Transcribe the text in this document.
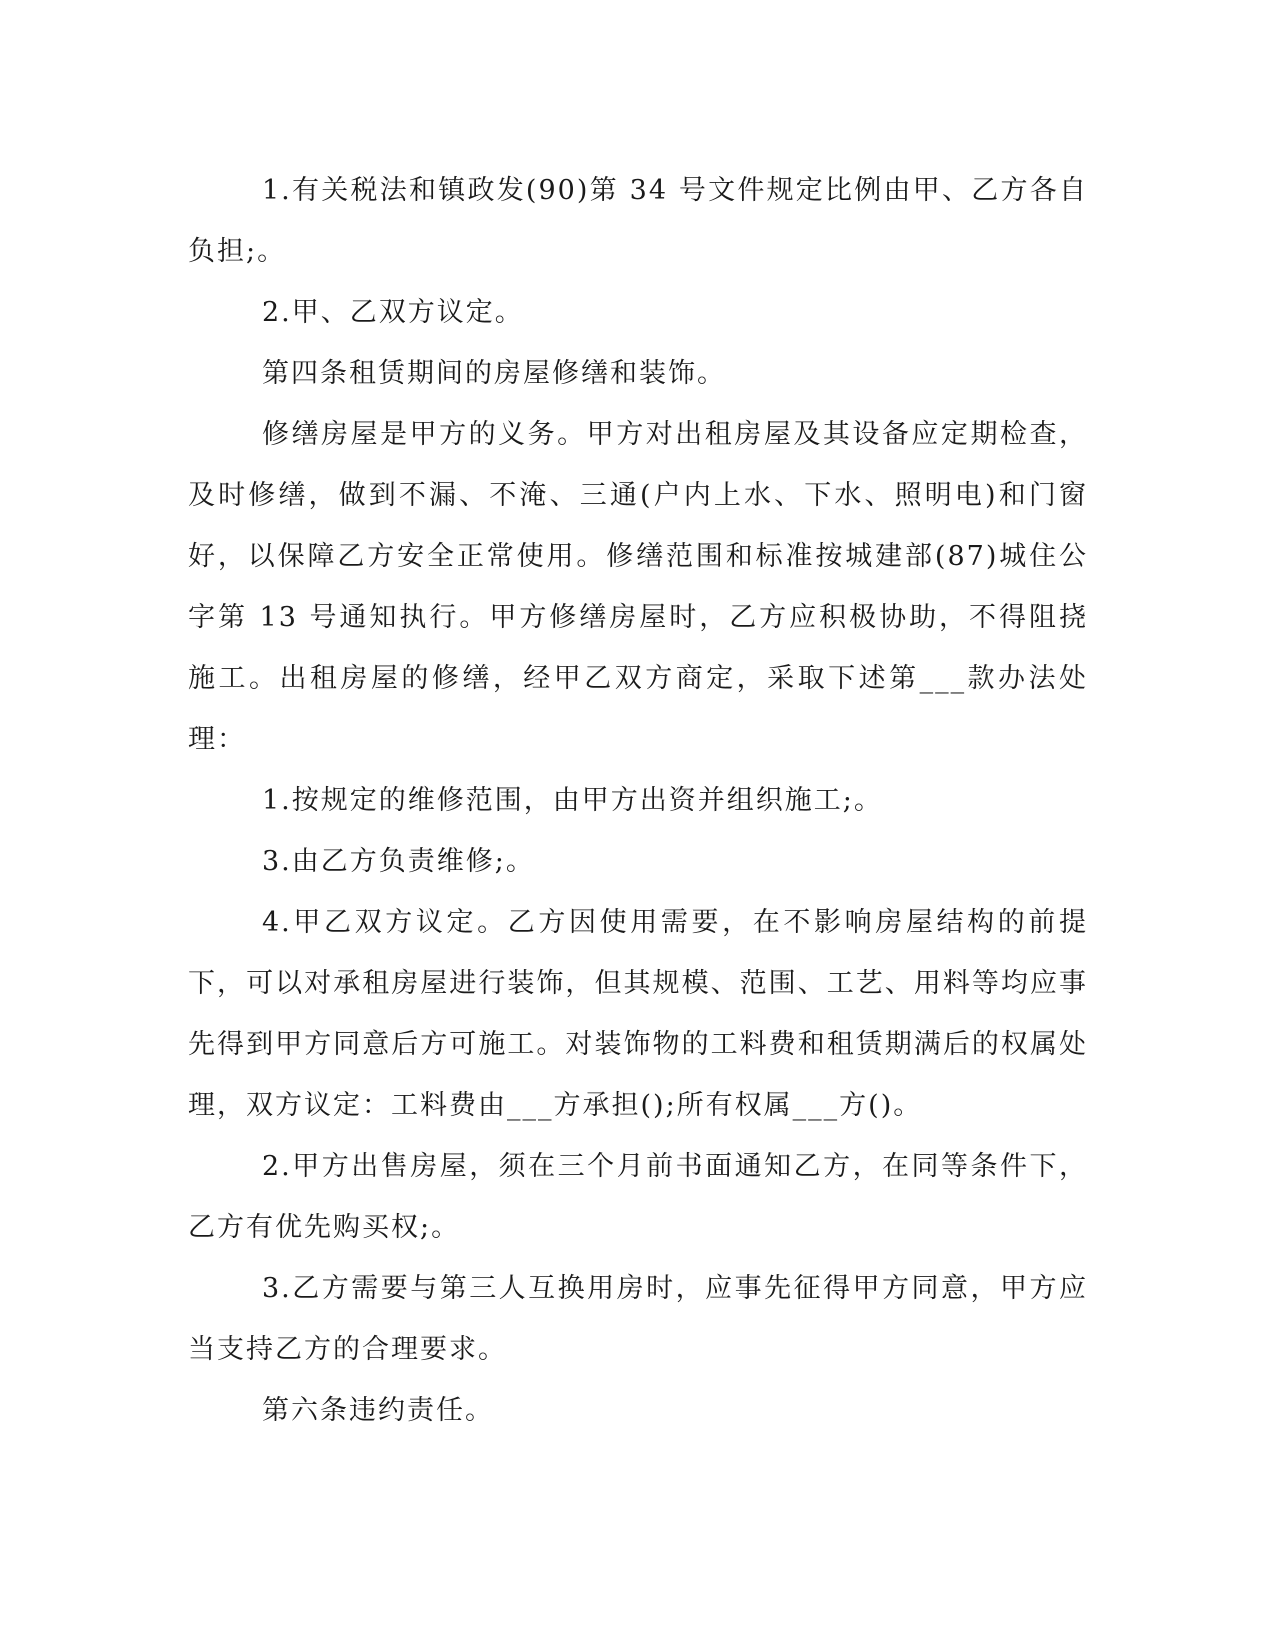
1.有关税法和镇政发(90)第 34 号文件规定比例由甲、乙方各自负担;。

2.甲、乙双方议定。

第四条租赁期间的房屋修缮和装饰。

修缮房屋是甲方的义务。甲方对出租房屋及其设备应定期检查，及时修缮，做到不漏、不淹、三通(户内上水、下水、照明电)和门窗好，以保障乙方安全正常使用。修缮范围和标准按城建部(87)城住公字第 13 号通知执行。甲方修缮房屋时，乙方应积极协助，不得阻挠施工。出租房屋的修缮，经甲乙双方商定，采取下述第___款办法处理：

1.按规定的维修范围，由甲方出资并组织施工;。

3.由乙方负责维修;。

4.甲乙双方议定。乙方因使用需要，在不影响房屋结构的前提下，可以对承租房屋进行装饰，但其规模、范围、工艺、用料等均应事先得到甲方同意后方可施工。对装饰物的工料费和租赁期满后的权属处理，双方议定：工料费由___方承担();所有权属___方()。

2.甲方出售房屋，须在三个月前书面通知乙方，在同等条件下，乙方有优先购买权;。

3.乙方需要与第三人互换用房时，应事先征得甲方同意，甲方应当支持乙方的合理要求。

第六条违约责任。
